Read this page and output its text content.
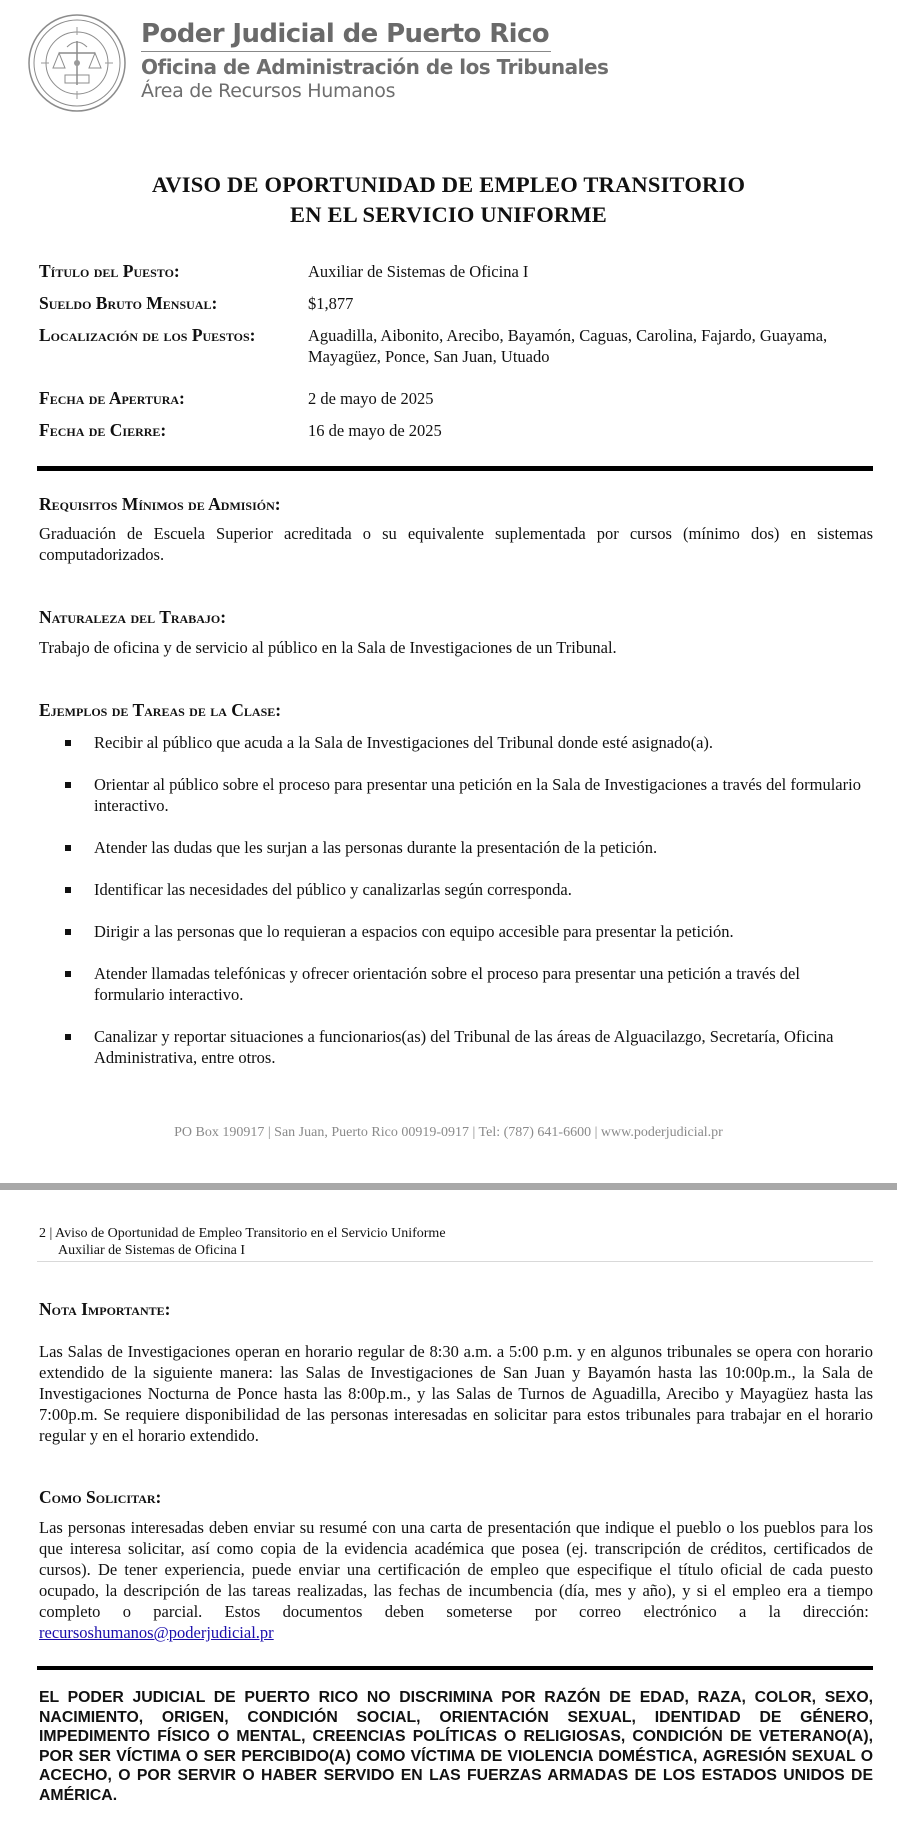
Poder Judicial de Puerto Rico
Oficina de Administración de los Tribunales
Área de Recursos Humanos
AVISO DE OPORTUNIDAD DE EMPLEO TRANSITORIO
EN EL SERVICIO UNIFORME
Título del Puesto:	Auxiliar de Sistemas de Oficina I
Sueldo Bruto Mensual:	$1,877
Localización de los Puestos:	Aguadilla, Aibonito, Arecibo, Bayamón, Caguas, Carolina, Fajardo, Guayama, Mayagüez, Ponce, San Juan, Utuado
Fecha de Apertura:	2 de mayo de 2025
Fecha de Cierre:	16 de mayo de 2025
Requisitos Mínimos de Admisión:
Graduación de Escuela Superior acreditada o su equivalente suplementada por cursos (mínimo dos) en sistemas computadorizados.
Naturaleza del Trabajo:
Trabajo de oficina y de servicio al público en la Sala de Investigaciones de un Tribunal.
Ejemplos de Tareas de la Clase:
Recibir al público que acuda a la Sala de Investigaciones del Tribunal donde esté asignado(a).
Orientar al público sobre el proceso para presentar una petición en la Sala de Investigaciones a través del formulario interactivo.
Atender las dudas que les surjan a las personas durante la presentación de la petición.
Identificar las necesidades del público y canalizarlas según corresponda.
Dirigir a las personas que lo requieran a espacios con equipo accesible para presentar la petición.
Atender llamadas telefónicas y ofrecer orientación sobre el proceso para presentar una petición a través del formulario interactivo.
Canalizar y reportar situaciones a funcionarios(as) del Tribunal de las áreas de Alguacilazgo, Secretaría, Oficina Administrativa, entre otros.
PO Box 190917 | San Juan, Puerto Rico 00919-0917 | Tel: (787) 641-6600 | www.poderjudicial.pr
2 | Aviso de Oportunidad de Empleo Transitorio en el Servicio Uniforme
Auxiliar de Sistemas de Oficina I
Nota Importante:
Las Salas de Investigaciones operan en horario regular de 8:30 a.m. a 5:00 p.m. y en algunos tribunales se opera con horario extendido de la siguiente manera: las Salas de Investigaciones de San Juan y Bayamón hasta las 10:00p.m., la Sala de Investigaciones Nocturna de Ponce hasta las 8:00p.m., y las Salas de Turnos de Aguadilla, Arecibo y Mayagüez hasta las 7:00p.m. Se requiere disponibilidad de las personas interesadas en solicitar para estos tribunales para trabajar en el horario regular y en el horario extendido.
Como Solicitar:
Las personas interesadas deben enviar su resumé con una carta de presentación que indique el pueblo o los pueblos para los que interesa solicitar, así como copia de la evidencia académica que posea (ej. transcripción de créditos, certificados de cursos). De tener experiencia, puede enviar una certificación de empleo que especifique el título oficial de cada puesto ocupado, la descripción de las tareas realizadas, las fechas de incumbencia (día, mes y año), y si el empleo era a tiempo completo o parcial. Estos documentos deben someterse por correo electrónico a la dirección:  recursoshumanos@poderjudicial.pr
EL PODER JUDICIAL DE PUERTO RICO NO DISCRIMINA POR RAZÓN DE EDAD, RAZA, COLOR, SEXO, NACIMIENTO, ORIGEN, CONDICIÓN SOCIAL, ORIENTACIÓN SEXUAL, IDENTIDAD DE GÉNERO, IMPEDIMENTO FÍSICO O MENTAL, CREENCIAS POLÍTICAS O RELIGIOSAS, CONDICIÓN DE VETERANO(A), POR SER VÍCTIMA O SER PERCIBIDO(A) COMO VÍCTIMA DE VIOLENCIA DOMÉSTICA, AGRESIÓN SEXUAL O ACECHO, O POR SERVIR O HABER SERVIDO EN LAS FUERZAS ARMADAS DE LOS ESTADOS UNIDOS DE AMÉRICA.
